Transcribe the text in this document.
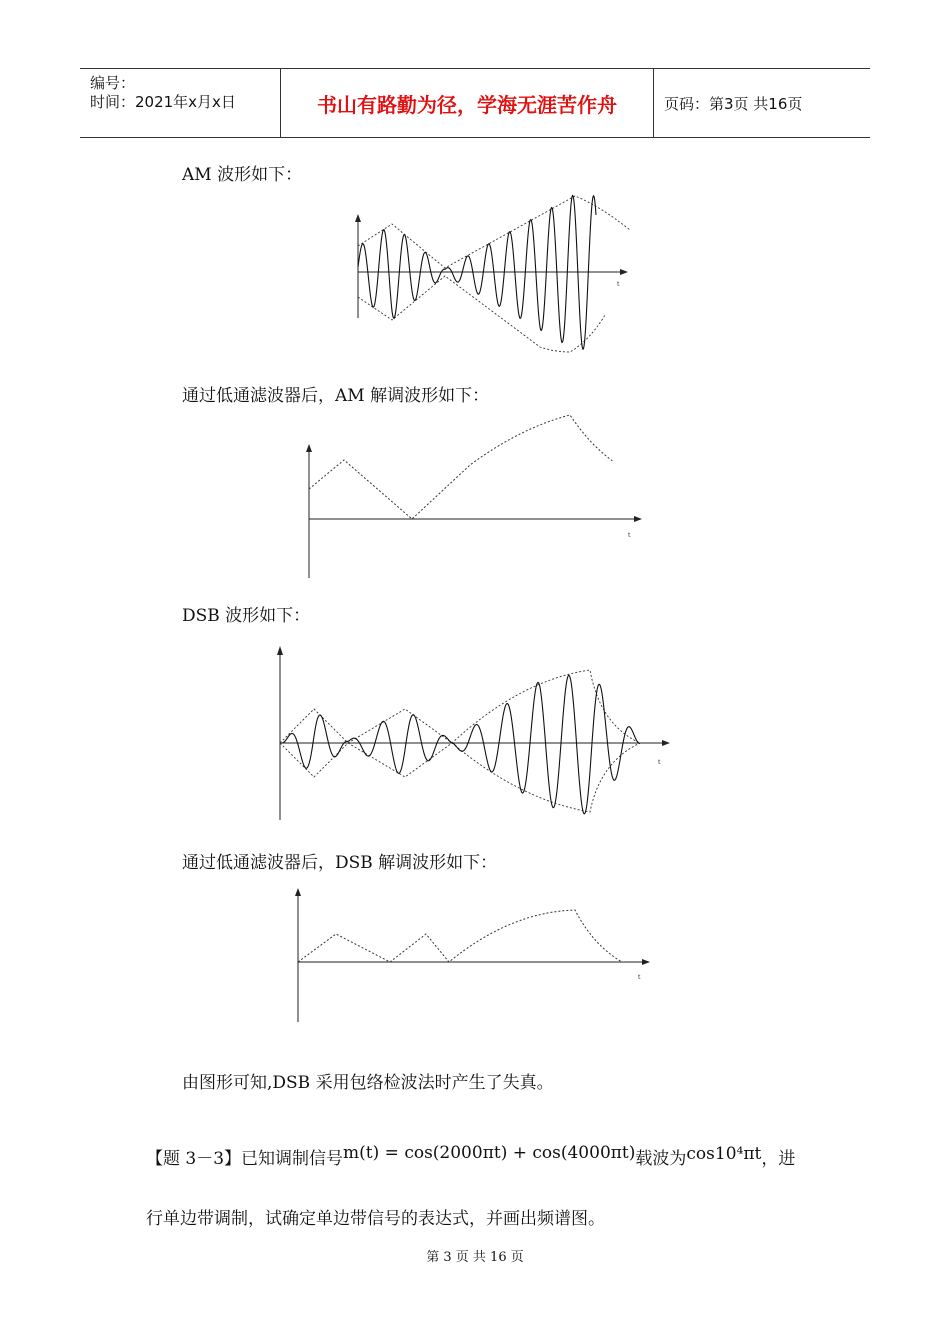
编号：
时间：2021年x月x日	书山有路勤为径，学海无涯苦作舟	页码：第3页 共16页
AM 波形如下：
t
通过低通滤波器后，AM 解调波形如下：
t
DSB 波形如下：
t
通过低通滤波器后，DSB 解调波形如下：
t
由图形可知,DSB 采用包络检波法时产生了失真。
【题 3－3】已知调制信号m(t) = cos(2000πt) + cos(4000πt)载波为cos10⁴πt，进
行单边带调制，试确定单边带信号的表达式，并画出频谱图。
第 3 页 共 16 页
